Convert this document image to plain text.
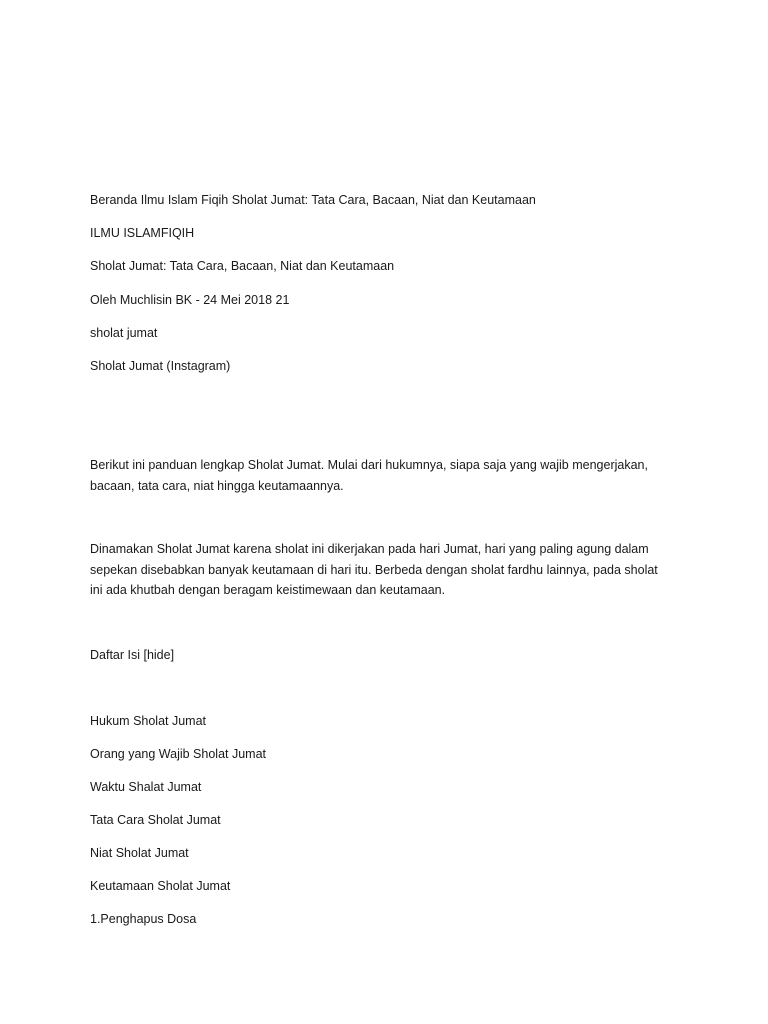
Beranda Ilmu Islam Fiqih Sholat Jumat: Tata Cara, Bacaan, Niat dan Keutamaan

ILMU ISLAMFIQIH

Sholat Jumat: Tata Cara, Bacaan, Niat dan Keutamaan

Oleh Muchlisin BK - 24 Mei 2018 21

sholat jumat

Sholat Jumat (Instagram)

Berikut ini panduan lengkap Sholat Jumat. Mulai dari hukumnya, siapa saja yang wajib mengerjakan, bacaan, tata cara, niat hingga keutamaannya.

Dinamakan Sholat Jumat karena sholat ini dikerjakan pada hari Jumat, hari yang paling agung dalam sepekan disebabkan banyak keutamaan di hari itu. Berbeda dengan sholat fardhu lainnya, pada sholat ini ada khutbah dengan beragam keistimewaan dan keutamaan.

Daftar Isi [hide]

Hukum Sholat Jumat

Orang yang Wajib Sholat Jumat

Waktu Shalat Jumat

Tata Cara Sholat Jumat

Niat Sholat Jumat

Keutamaan Sholat Jumat

1.Penghapus Dosa
